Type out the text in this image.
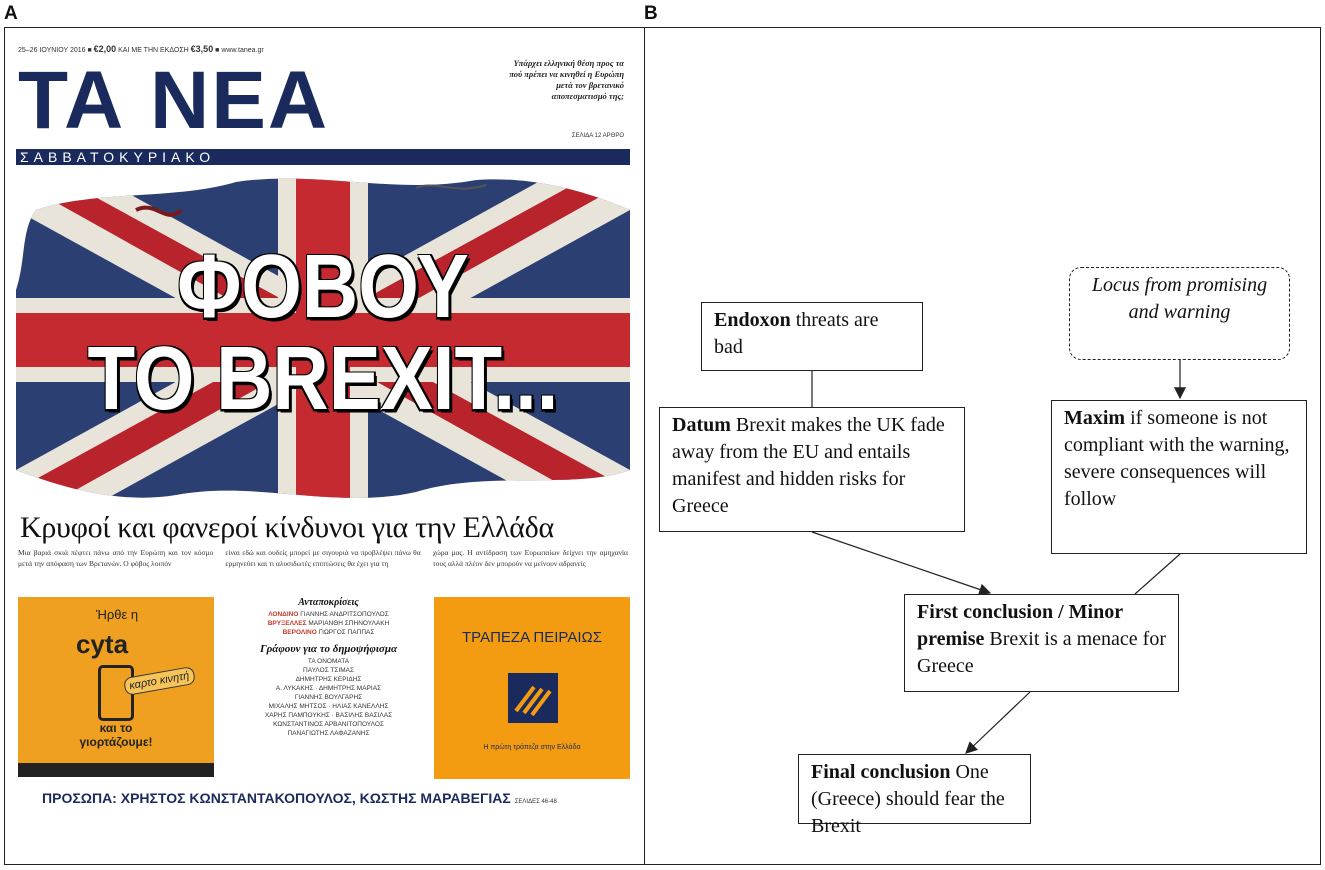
A	B
25–26 ΙΟΥΝΙΟΥ 2016 ■ €2,00 ΚΑΙ ΜΕ ΤΗΝ ΕΚΔΟΣΗ €3,50 ■ www.tanea.gr
ΤΑ ΝΕΑ	Υπάρχει ελληνική θέση προς τα πού πρέπει να κινηθεί η Ευρώπη μετά τον βρετανικό αποπεσματισμό της;
ΣΕΛΙΔΑ 12 ΑΡΘΡΟ
ΣΑΒΒΑΤΟΚΥΡΙΑΚΟ
ΦΟΒΟΥ
ΤΟ BREXIT...
Κρυφοί και φανεροί κίνδυνοι για την Ελλάδα
Μια βαριά σκιά πέφτει πάνω από την Ευρώπη και τον κόσμο μετά την απόφαση των Βρετανών. Ο φόβος λοιπόν
είναι εδώ και ουδείς μπορεί με σιγουριά να προβλέψει πάνω θα ερμηνεύει και τι αλυσιδωτές επιπτώσεις θα έχει για τη
χώρα μας. Η αντίδραση των Ευρωπαίων δείχνει την αμηχανία τους αλλά πλέον δεν μπορούν να μείνουν αδρανείς
Ήρθε η
cyta
καρτο κινητή
και το
γιορτάζουμε!
Ανταποκρίσεις
ΛΟΝΔΙΝΟ ΓΙΑΝΝΗΣ ΑΝΔΡΙΤΣΟΠΟΥΛΟΣ
ΒΡΥΞΕΛΛΕΣ ΜΑΡΙΑΝΘΗ ΣΠΗΝΟΥΛΑΚΗ
ΒΕΡΟΛΙΝΟ ΓΙΩΡΓΟΣ ΠΑΠΠΑΣ
Γράφουν για το δημοψήφισμα
ΤΑ ΟΝΟΜΑΤΑ
ΠΑΥΛΟΣ ΤΣΙΜΑΣ
ΔΗΜΗΤΡΗΣ ΚΕΡΙΔΗΣ
Α. ΛΥΚΑΚΗΣ · ΔΗΜΗΤΡΗΣ ΜΑΡΙΑΣ
ΓΙΑΝΝΗΣ ΒΟΥΛΓΑΡΗΣ
ΜΙΧΑΛΗΣ ΜΗΤΣΟΣ · ΗΛΙΑΣ ΚΑΝΕΛΛΗΣ
ΧΑΡΗΣ ΠΑΜΠΟΥΚΗΣ · ΒΑΣΙΛΗΣ ΒΑΣΙΛΑΣ
ΚΩΝΣΤΑΝΤΙΝΟΣ ΑΡΒΑΝΙΤΟΠΟΥΛΟΣ
ΠΑΝΑΓΙΩΤΗΣ ΛΑΦΑΖΑΝΗΣ
ΤΡΑΠΕΖΑ ΠΕΙΡΑΙΩΣ
Η πρώτη τράπεζα στην Ελλάδα
ΠΡΟΣΩΠΑ: ΧΡΗΣΤΟΣ ΚΩΝΣΤΑΝΤΑΚΟΠΟΥΛΟΣ, ΚΩΣΤΗΣ ΜΑΡΑΒΕΓΙΑΣ ΣΕΛΙΔΕΣ 46-48
Endoxon threats are bad
Locus from promising and warning
Datum Brexit makes the UK fade away from the EU and entails manifest and hidden risks for Greece
Maxim if someone is not compliant with the warning, severe consequences will follow
First conclusion / Minor premise Brexit is a menace for Greece
Final conclusion One (Greece) should fear the Brexit
